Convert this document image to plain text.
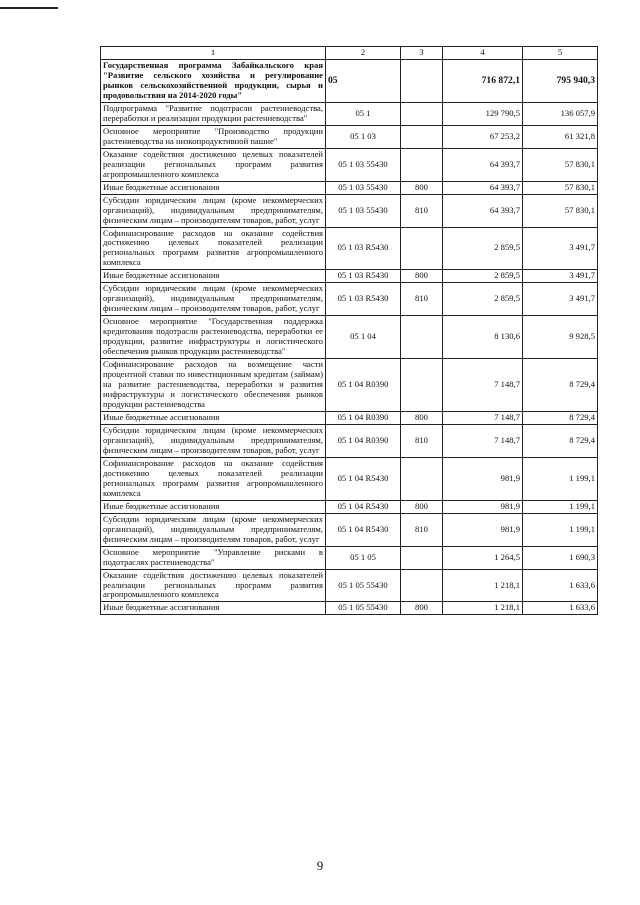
1	2	3	4	5
Государственная программа Забайкальского края "Развитие сельского хозяйства и регулирование рынков сельскохозяйственной продукции, сырья и продовольствия на 2014-2020 годы"	05		716 872,1	795 940,3
Подпрограмма "Развитие подотрасли растениеводства, переработки и реализации продукции растениеводства"	05 1		129 790,5	136 057,9
Основное мероприятие "Производство продукции растениеводства на низкопродуктивной пашне"	05 1 03		67 253,2	61 321,8
Оказание содействия достижению целевых показателей реализации региональных программ развития агропромышленного комплекса	05 1 03 55430		64 393,7	57 830,1
Иные бюджетные ассигнования	05 1 03 55430	800	64 393,7	57 830,1
Субсидии юридическим лицам (кроме некоммерческих организаций), индивидуальным предпринимателям, физическим лицам – производителям товаров, работ, услуг	05 1 03 55430	810	64 393,7	57 830,1
Софинансирование расходов на оказание содействия достижению целевых показателей реализации региональных программ развития агропромышленного комплекса	05 1 03 R5430		2 859,5	3 491,7
Иные бюджетные ассигнования	05 1 03 R5430	800	2 859,5	3 491,7
Субсидии юридическим лицам (кроме некоммерческих организаций), индивидуальным предпринимателям, физическим лицам – производителям товаров, работ, услуг	05 1 03 R5430	810	2 859,5	3 491,7
Основное мероприятие "Государственная поддержка кредитования подотрасли растениеводства, переработки ее продукции, развитие инфраструктуры и логистического обеспечения рынков продукции растениеводства"	05 1 04		8 130,6	9 928,5
Софинансирование расходов на возмещение части процентной ставки по инвестиционным кредитам (займам) на развитие растениеводства, переработки и развития инфраструктуры и логистического обеспечения рынков продукции растениеводства	05 1 04 R0390		7 148,7	8 729,4
Иные бюджетные ассигнования	05 1 04 R0390	800	7 148,7	8 729,4
Субсидии юридическим лицам (кроме некоммерческих организаций), индивидуальным предпринимателям, физическим лицам – производителям товаров, работ, услуг	05 1 04 R0390	810	7 148,7	8 729,4
Софинансирование расходов на оказание содействия достижению целевых показателей реализации региональных программ развития агропромышленного комплекса	05 1 04 R5430		981,9	1 199,1
Иные бюджетные ассигнования	05 1 04 R5430	800	981,9	1 199,1
Субсидии юридическим лицам (кроме некоммерческих организаций), индивидуальным предпринимателям, физическим лицам – производителям товаров, работ, услуг	05 1 04 R5430	810	981,9	1 199,1
Основное мероприятие "Управление рисками в подотраслях растениеводства"	05 1 05		1 264,5	1 690,3
Оказание содействия достижению целевых показателей реализации региональных программ развития агропромышленного комплекса	05 1 05 55430		1 218,1	1 633,6
Иные бюджетные ассигнования	05 1 05 55430	800	1 218,1	1 633,6
9
